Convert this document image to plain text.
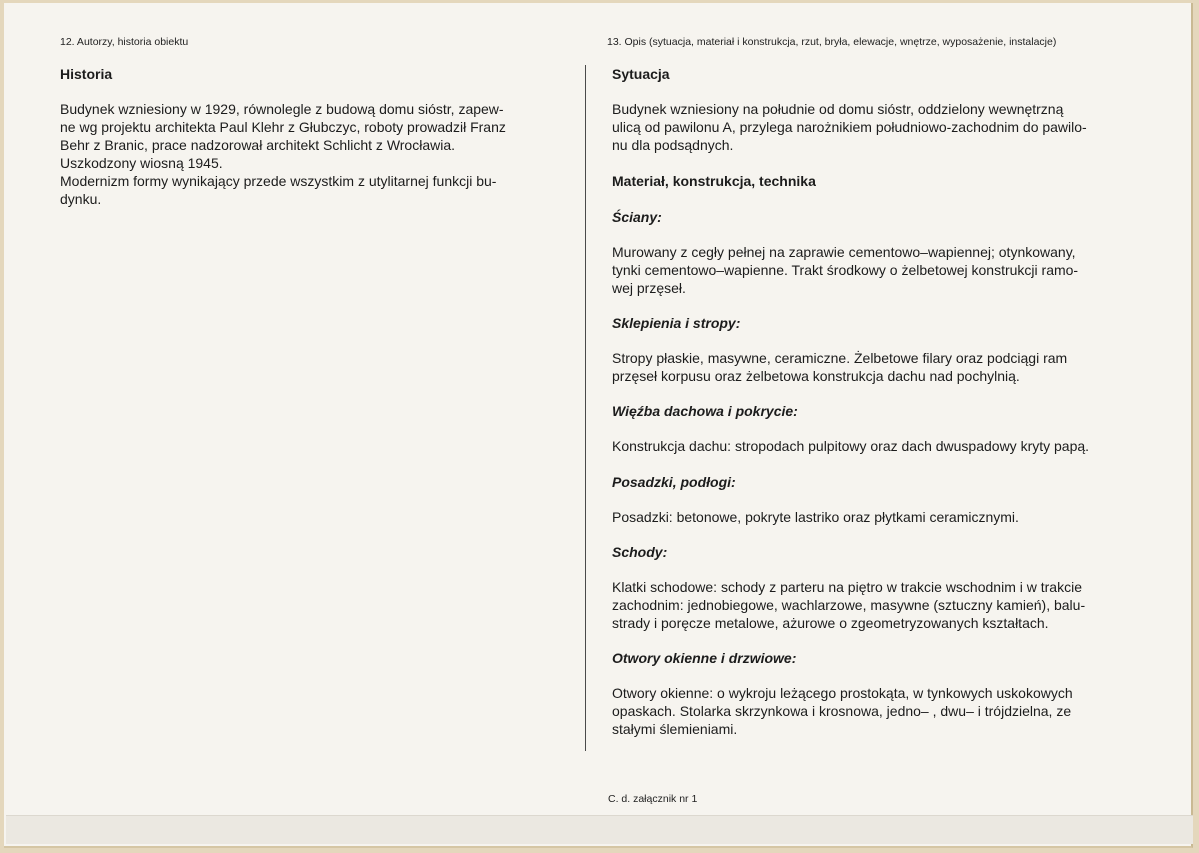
12. Autorzy, historia obiektu	13. Opis (sytuacja, materiał i konstrukcja, rzut, bryła, elewacje, wnętrze, wyposażenie, instalacje)
Historia
Budynek wzniesiony w 1929, równolegle z budową domu sióstr, zapew-
ne wg projektu architekta Paul Klehr z Głubczyc, roboty prowadził Franz
Behr z Branic, prace nadzorował architekt Schlicht z Wrocławia.
Uszkodzony wiosną 1945.
Modernizm formy wynikający przede wszystkim z utylitarnej funkcji bu-
dynku.
Sytuacja
Budynek wzniesiony na południe od domu sióstr, oddzielony wewnętrzną
ulicą od pawilonu A, przylega narożnikiem południowo-zachodnim do pawilo-
nu dla podsądnych.
Materiał, konstrukcja, technika
Ściany:
Murowany z cegły pełnej na zaprawie cementowo–wapiennej; otynkowany,
tynki cementowo–wapienne. Trakt środkowy o żelbetowej konstrukcji ramo-
wej przęseł.
Sklepienia i stropy:
Stropy płaskie, masywne, ceramiczne. Żelbetowe filary oraz podciągi ram
przęseł korpusu oraz żelbetowa konstrukcja dachu nad pochylnią.
Więźba dachowa i pokrycie:
Konstrukcja dachu: stropodach pulpitowy oraz dach dwuspadowy kryty papą.
Posadzki, podłogi:
Posadzki: betonowe, pokryte lastriko oraz płytkami ceramicznymi.
Schody:
Klatki schodowe: schody z parteru na piętro w trakcie wschodnim i w trakcie
zachodnim: jednobiegowe, wachlarzowe, masywne (sztuczny kamień), balu-
strady i poręcze metalowe, ażurowe o zgeometryzowanych kształtach.
Otwory okienne i drzwiowe:
Otwory okienne: o wykroju leżącego prostokąta, w tynkowych uskokowych
opaskach. Stolarka skrzynkowa i krosnowa, jedno– , dwu– i trójdzielna, ze
stałymi ślemieniami.
C. d. załącznik nr 1
